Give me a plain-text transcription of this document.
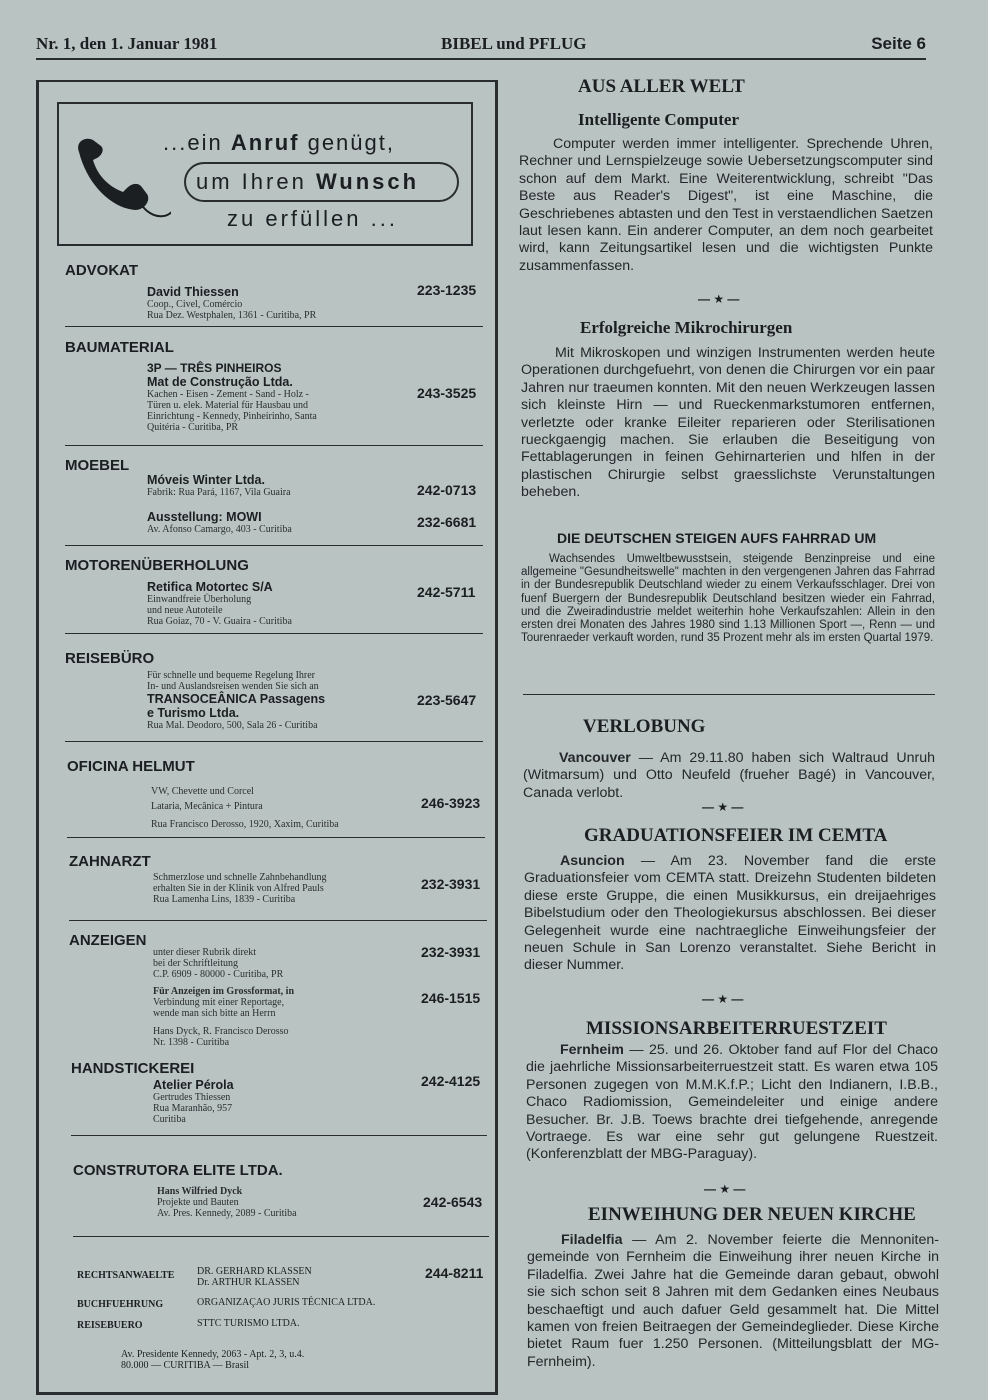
Nr. 1, den 1. Januar 1981	BIBEL und PFLUG	Seite 6
...ein Anruf genügt,
um Ihren Wunsch
zu erfüllen ...
ADVOKAT
David Thiessen
Coop., Civel, Comércio
Rua Dez. Westphalen, 1361 - Curitiba, PR
223-1235
BAUMATERIAL
3P — TRÊS PINHEIROS
Mat de Construção Ltda.
Kachen - Eisen - Zement - Sand - Holz -
Türen u. elek. Material für Hausbau und
Einrichtung - Kennedy, Pinheirinho, Santa
Quitéria - Curitiba, PR
243-3525
MOEBEL
Móveis Winter Ltda.
Fabrik: Rua Pará, 1167, Vila Guaira	242-0713
Ausstellung: MOWI
Av. Afonso Camargo, 403 - Curitiba	232-6681
MOTORENÜBERHOLUNG
Retifica Motortec S/A
Einwandfreie Überholung
und neue Autoteile
Rua Goiaz, 70 - V. Guaira - Curitiba
242-5711
REISEBÜRO
Für schnelle und bequeme Regelung Ihrer
In- und Auslandsreisen wenden Sie sich an
TRANSOCEÂNICA Passagens
e Turismo Ltda.
Rua Mal. Deodoro, 500, Sala 26 - Curitiba
223-5647
OFICINA HELMUT
VW, Chevette und Corcel
Lataria, Mecânica + Pintura
Rua Francisco Derosso, 1920, Xaxim, Curitiba
246-3923
ZAHNARZT
Schmerzlose und schnelle Zahnbehandlung
erhalten Sie in der Klinik von Alfred Pauls
Rua Lamenha Lins, 1839 - Curitiba
232-3931
ANZEIGEN
unter dieser Rubrik direkt
bei der Schriftleitung
C.P. 6909 - 80000 - Curitiba, PR
232-3931
Für Anzeigen im Grossformat, in
Verbindung mit einer Reportage,
wende man sich bitte an Herrn
246-1515
Hans Dyck, R. Francisco Derosso
Nr. 1398 - Curitiba
HANDSTICKEREI
Atelier Pérola
Gertrudes Thiessen
Rua Maranhão, 957
Curitiba
242-4125
CONSTRUTORA ELITE LTDA.
Hans Wilfried Dyck
Projekte und Bauten
Av. Pres. Kennedy, 2089 - Curitiba
242-6543
RECHTSANWAELTE DR. GERHARD KLASSEN
Dr. ARTHUR KLASSEN
244-8211
BUCHFUEHRUNG	ORGANIZAÇAO JURIS TÉCNICA LTDA.
REISEBUERO	STTC TURISMO LTDA.
Av. Presidente Kennedy, 2063 - Apt. 2, 3, u.4.
80.000 — CURITIBA — Brasil
AUS ALLER WELT
Intelligente Computer
Computer werden immer intelligenter. Sprechende Uhren, Rechner und Lernspielzeuge sowie Uebersetzungscomputer sind schon auf dem Markt. Eine Weiterentwicklung, schreibt "Das Beste aus Reader's Digest", ist eine Maschine, die Geschriebenes abtasten und den Test in verstaendlichen Saetzen laut lesen kann. Ein anderer Computer, an dem noch gearbeitet wird, kann Zeitungsartikel lesen und die wichtigsten Punkte zusammenfassen.
— ★ —
Erfolgreiche Mikrochirurgen
Mit Mikroskopen und winzigen Instrumenten werden heute Operationen durchgefuehrt, von denen die Chirurgen vor ein paar Jahren nur traeumen konnten. Mit den neuen Werkzeugen lassen sich kleinste Hirn — und Rueckenmarkstumoren entfernen, verletzte oder kranke Eileiter reparieren oder Sterilisationen rueckgaengig machen. Sie erlauben die Beseitigung von Fettablagerungen in feinen Gehirnarterien und hlfen in der plastischen Chirurgie selbst graesslichste Verunstaltungen beheben.
DIE DEUTSCHEN STEIGEN AUFS FAHRRAD UM
Wachsendes Umweltbewusstsein, steigende Benzinpreise und eine allgemeine "Gesundheitswelle" machten in den vergengenen Jahren das Fahrrad in der Bundesrepublik Deutschland wieder zu einem Verkaufsschlager. Drei von fuenf Buergern der Bundesrepublik Deutschland besitzen wieder ein Fahrrad, und die Zweiradindustrie meldet weiterhin hohe Verkaufszahlen: Allein in den ersten drei Monaten des Jahres 1980 sind 1.13 Millionen Sport —, Renn — und Tourenraeder verkauft worden, rund 35 Prozent mehr als im ersten Quartal 1979.
VERLOBUNG
Vancouver — Am 29.11.80 haben sich Waltraud Unruh (Witmarsum) und Otto Neufeld (frueher Bagé) in Vancouver, Canada verlobt.
— ★ —
GRADUATIONSFEIER IM CEMTA
Asuncion — Am 23. November fand die erste Graduationsfeier vom CEMTA statt. Dreizehn Studenten bildeten diese erste Gruppe, die einen Musikkursus, ein dreijaehriges Bibelstudium oder den Theologiekursus abschlossen. Bei dieser Gelegenheit wurde eine nachtraegliche Einweihungsfeier der neuen Schule in San Lorenzo veranstaltet. Siehe Bericht in dieser Nummer.
— ★ —
MISSIONSARBEITERRUESTZEIT
Fernheim — 25. und 26. Oktober fand auf Flor del Chaco die jaehrliche Missionsarbeiterruestzeit statt. Es waren etwa 105 Personen zugegen von M.M.K.f.P.; Licht den Indianern, I.B.B., Chaco Radiomission, Gemeindeleiter und einige andere Besucher. Br. J.B. Toews brachte drei tiefgehende, anregende Vortraege. Es war eine sehr gut gelungene Ruestzeit. (Konferenzblatt der MBG-Paraguay).
— ★ —
EINWEIHUNG DER NEUEN KIRCHE
Filadelfia — Am 2. November feierte die Mennoniten-gemeinde von Fernheim die Einweihung ihrer neuen Kirche in Filadelfia. Zwei Jahre hat die Gemeinde daran gebaut, obwohl sie sich schon seit 8 Jahren mit dem Gedanken eines Neubaus beschaeftigt und auch dafuer Geld gesammelt hat. Die Mittel kamen von freien Beitraegen der Gemeindeglieder. Diese Kirche bietet Raum fuer 1.250 Personen. (Mitteilungsblatt der MG-Fernheim).
